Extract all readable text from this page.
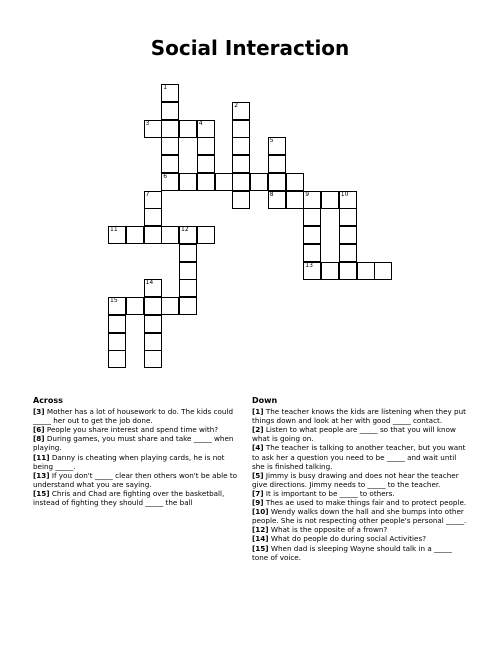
Social Interaction
1
6
2
3	4
5
7	8	9	10
11	12
13
14
15
Across
[3] Mother has a lot of housework to do. The kids could _____ her out to get the job done.
[6] People you share interest and spend time with?
[8] During games, you must share and take _____ when playing.
[11] Danny is cheating when playing cards, he is not being _____.
[13] If you don't _____ clear then others won't be able to understand what you are saying.
[15] Chris and Chad are fighting over the basketball, instead of fighting they should _____ the ball
Down
[1] The teacher knows the kids are listening when they put things down and look at her with good _____ contact.
[2] Listen to what people are _____ so that you will know what is going on.
[4] The teacher is talking to another teacher, but you want to ask her a question you need to be _____ and wait until she is finished talking.
[5] Jimmy is busy drawing and does not hear the teacher give directions. Jimmy needs to _____ to the teacher.
[7] It is important to be _____ to others.
[9] Thes ae used to make things fair and to protect people.
[10] Wendy walks down the hall and she bumps into other people. She is not respecting other people's personal _____.
[12] What is the opposite of a frown?
[14] What do people do during social Activities?
[15] When dad is sleeping Wayne should talk in a _____ tone of voice.
